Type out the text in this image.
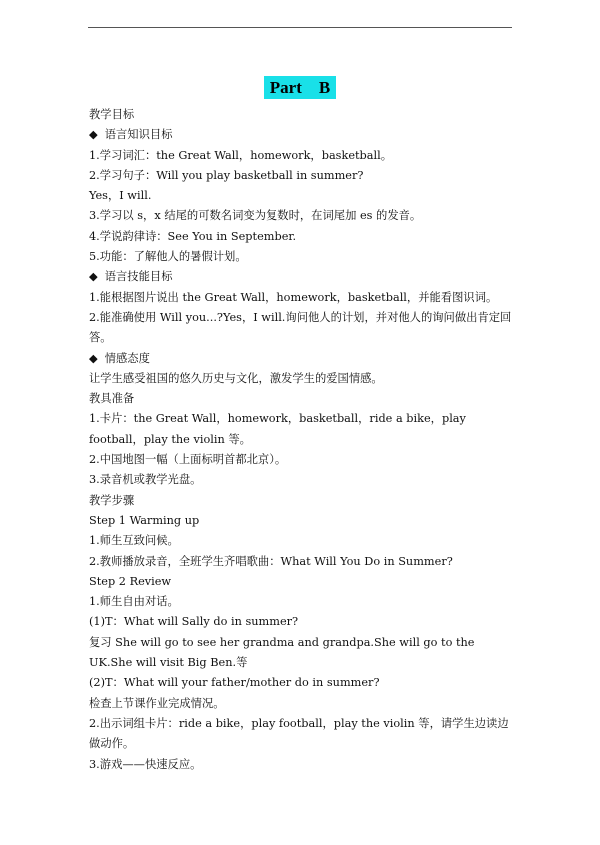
Part　B
教学目标
◆ 语言知识目标
1.学习词汇：the Great Wall，homework，basketball。
2.学习句子：Will you play basketball in summer?
Yes，I will.
3.学习以 s，x 结尾的可数名词变为复数时，在词尾加 es 的发音。
4.学说韵律诗：See You in September.
5.功能：了解他人的暑假计划。
◆ 语言技能目标
1.能根据图片说出 the Great Wall，homework，basketball，并能看图识词。
2.能准确使用 Will you...?Yes，I will.询问他人的计划，并对他人的询问做出肯定回答。
◆ 情感态度
让学生感受祖国的悠久历史与文化，激发学生的爱国情感。
教具准备
1.卡片：the Great Wall，homework，basketball，ride a bike，play football，play the violin 等。
2.中国地图一幅（上面标明首都北京）。
3.录音机或教学光盘。
教学步骤
Step 1 Warming up
1.师生互致问候。
2.教师播放录音，全班学生齐唱歌曲：What Will You Do in Summer?
Step 2 Review
1.师生自由对话。
(1)T：What will Sally do in summer?
复习 She will go to see her grandma and grandpa.She will go to the UK.She will visit Big Ben.等
(2)T：What will your father/mother do in summer?
检查上节课作业完成情况。
2.出示词组卡片：ride a bike，play football，play the violin 等，请学生边读边做动作。
3.游戏——快速反应。
